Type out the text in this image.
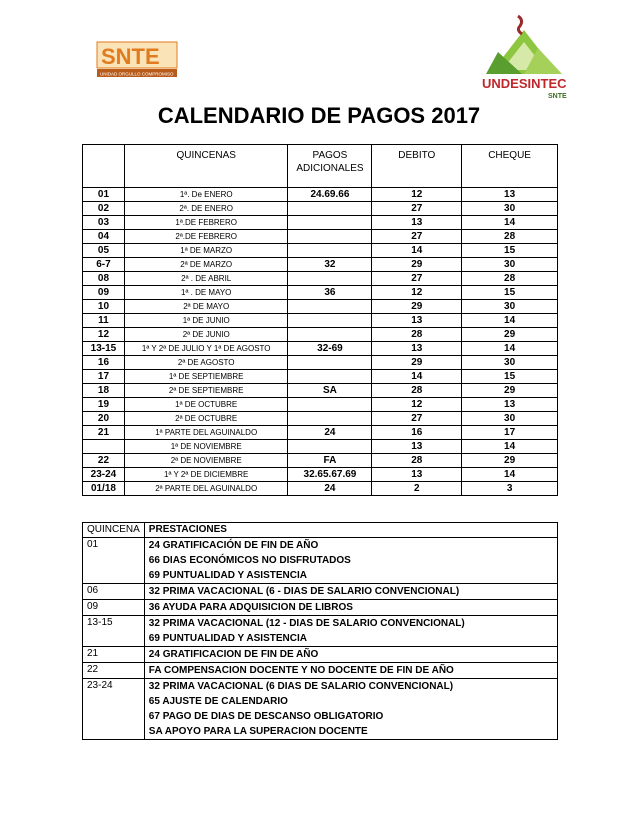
SNTE
UNIDAD ORGULLO COMPROMISO
UNDESINTEC
SNTE
CALENDARIO DE PAGOS 2017
	QUINCENAS	PAGOS ADICIONALES	DEBITO	CHEQUE
01	1ª. De ENERO	24.69.66	12	13
02	2ª. DE ENERO		27	30
03	1ª.DE FEBRERO		13	14
04	2ª.DE FEBRERO		27	28
05	1ª DE MARZO		14	15
6-7	2ª DE MARZO	32	29	30
08	2ª . DE ABRIL		27	28
09	1ª . DE MAYO	36	12	15
10	2ª DE MAYO		29	30
11	1ª DE JUNIO		13	14
12	2ª DE JUNIO		28	29
13-15	1ª Y 2ª DE JULIO Y 1ª DE AGOSTO	32-69	13	14
16	2ª DE AGOSTO		29	30
17	1ª DE SEPTIEMBRE		14	15
18	2ª DE SEPTIEMBRE	SA	28	29
19	1ª DE OCTUBRE		12	13
20	2ª DE OCTUBRE		27	30
21	1ª PARTE DEL AGUINALDO	24	16	17
	1ª DE NOVIEMBRE		13	14
22	2ª DE NOVIEMBRE	FA	28	29
23-24	1ª Y 2ª DE DICIEMBRE	32.65.67.69	13	14
01/18	2ª PARTE DEL AGUINALDO	24	2	3
QUINCENA	PRESTACIONES
01	24 GRATIFICACIÓN DE FIN DE AÑO
66 DIAS ECONÓMICOS NO DISFRUTADOS
69 PUNTUALIDAD Y ASISTENCIA

06	32 PRIMA VACACIONAL (6 - DIAS DE SALARIO CONVENCIONAL)

09	36 AYUDA PARA ADQUISICION DE LIBROS

13-15	32 PRIMA VACACIONAL (12 - DIAS DE SALARIO CONVENCIONAL)
69 PUNTUALIDAD Y ASISTENCIA

21	24 GRATIFICACION DE FIN DE AÑO

22	FA COMPENSACION DOCENTE Y NO DOCENTE DE FIN DE AÑO

23-24	32 PRIMA VACACIONAL (6 DIAS DE SALARIO CONVENCIONAL)
65 AJUSTE DE CALENDARIO
67 PAGO DE DIAS DE DESCANSO OBLIGATORIO
SA APOYO PARA LA SUPERACION DOCENTE
